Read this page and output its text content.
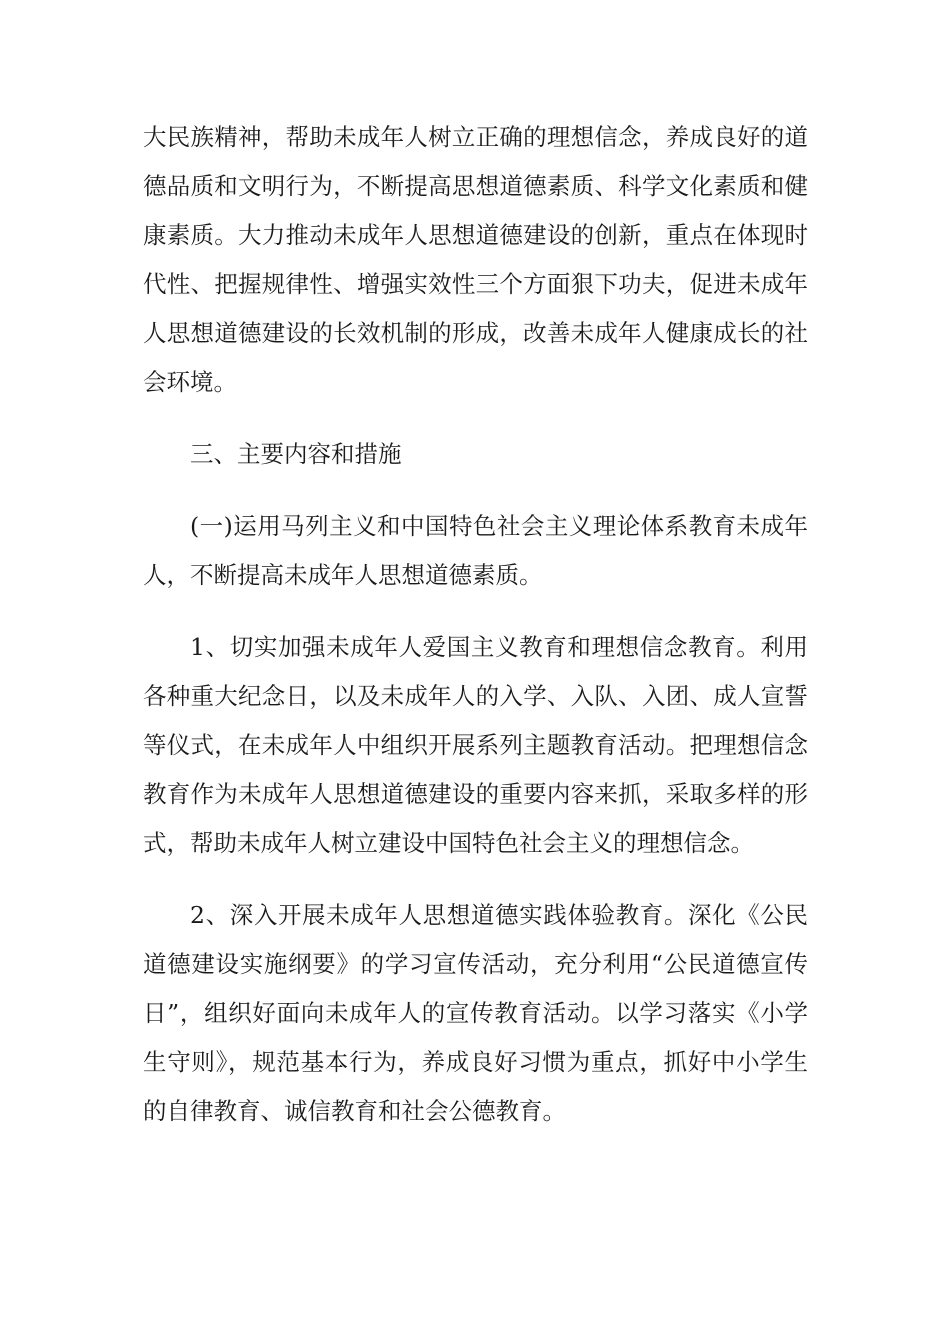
大民族精神，帮助未成年人树立正确的理想信念，养成良好的道德品质和文明行为，不断提高思想道德素质、科学文化素质和健康素质。大力推动未成年人思想道德建设的创新，重点在体现时代性、把握规律性、增强实效性三个方面狠下功夫，促进未成年人思想道德建设的长效机制的形成，改善未成年人健康成长的社会环境。

三、主要内容和措施

(一)运用马列主义和中国特色社会主义理论体系教育未成年人，不断提高未成年人思想道德素质。

1、切实加强未成年人爱国主义教育和理想信念教育。利用各种重大纪念日，以及未成年人的入学、入队、入团、成人宣誓等仪式，在未成年人中组织开展系列主题教育活动。把理想信念教育作为未成年人思想道德建设的重要内容来抓，采取多样的形式，帮助未成年人树立建设中国特色社会主义的理想信念。

2、深入开展未成年人思想道德实践体验教育。深化《公民道德建设实施纲要》的学习宣传活动，充分利用“公民道德宣传日”，组织好面向未成年人的宣传教育活动。以学习落实《小学生守则》，规范基本行为，养成良好习惯为重点，抓好中小学生的自律教育、诚信教育和社会公德教育。
